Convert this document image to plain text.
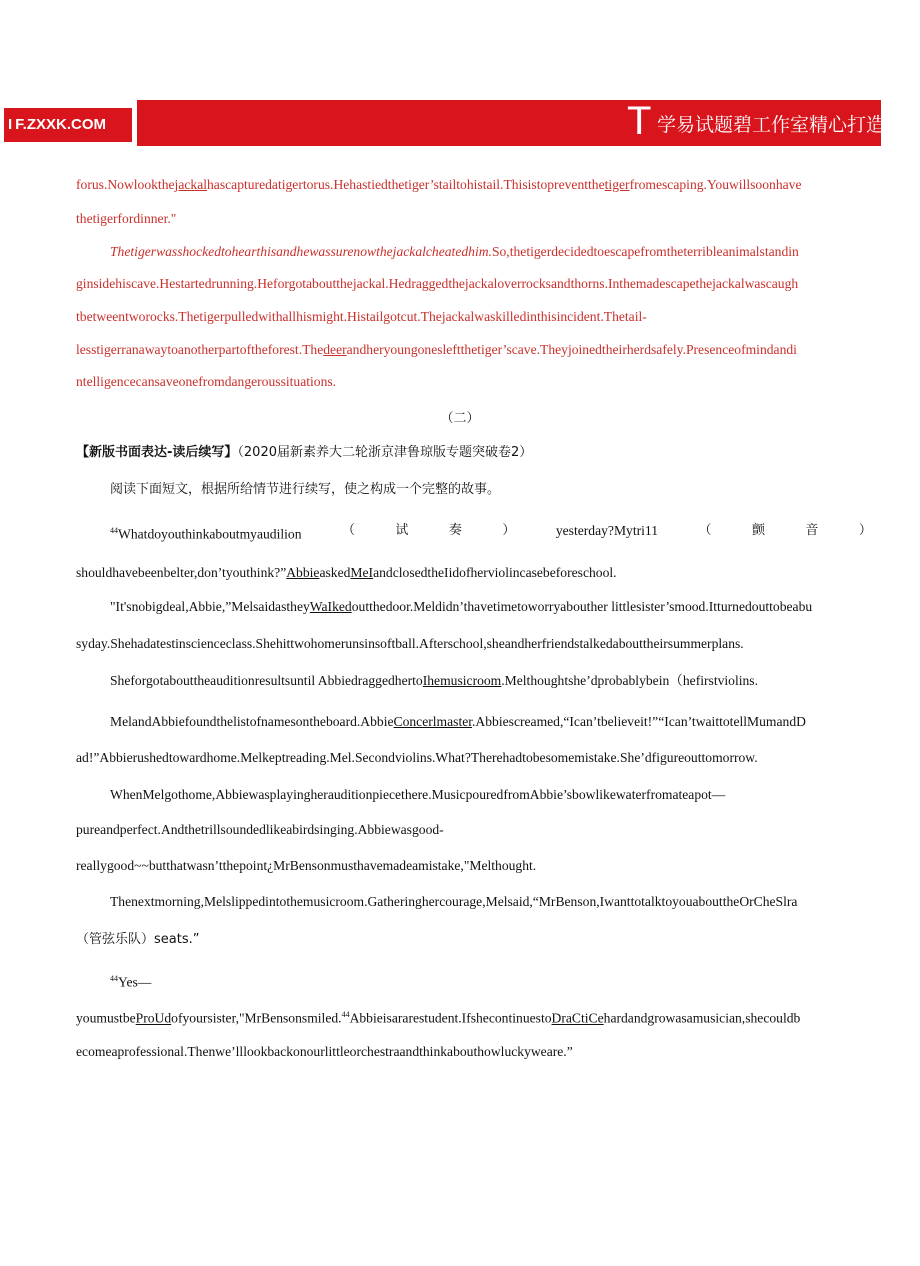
I F.ZXXK.COM	T 学易试题碧工作室精心打造,
forus.Nowlookthejackalhascapturedatigertorus.Hehastiedthetiger’stailtohistail.Thisistopreventthetigerfromescaping.Youwillsoonhave
thetigerfordinner."
Thetigerwasshockedtohearthisandhewassurenowthejackalcheatedhim.So,thetigerdecidedtoescapefromtheterribleanimalstandin
ginsidehiscave.Hestartedrunning.Heforgotaboutthejackal.Hedraggedthejackaloverrocksandthorns.Inthemadescapethejackalwascaugh
tbetweentworocks.Thetigerpulledwithallhismight.Histailgotcut.Thejackalwaskilledinthisincident.Thetail-
lesstigerranawaytoanotherpartoftheforest.Thedeerandheryoungonesleftthetiger’scave.Theyjoinedtheirherdsafely.Presenceofmindandi
ntelligencecansaveonefromdangeroussituations.
（二）
【新版书面表达-读后续写】（2020届新素养大二轮浙京津鲁琼版专题突破卷2）
阅读下面短文，根据所给情节进行续写，使之构成一个完整的故事。
$^{44}$Whatdoyouthinkaboutmyaudilion	（	试	奏	）	yesterday?Mytri11	（	颤	音	）
shouldhavebeenbelter,don’tyouthink?”AbbieaskedMeIandclosedtheIidofherviolincasebeforeschool.
"It'snobigdeal,Abbie,”MelsaidastheyWaIkedoutthedoor.Meldidn’thavetimetoworryabouther littlesister’smood.Itturnedouttobeabu
syday.Shehadatestinscienceclass.Shehittwohomerunsinsoftball.Afterschool,sheandherfriendstalkedabouttheirsummerplans.
Sheforgotabouttheauditionresultsuntil AbbiedraggedhertoIhemusicroom.Melthoughtshe’dprobablybein（hefirstviolins.
MelandAbbiefoundthelistofnamesontheboard.AbbieConcerlmaster.Abbiescreamed,“Ican’tbelieveit!”“Ican’twaittotellMumandD
ad!”Abbierushedtowardhome.Melkeptreading.Mel.Secondviolins.What?Therehadtobesomemistake.She’dfigureouttomorrow.
WhenMelgothome,Abbiewasplayingherauditionpiecethere.MusicpouredfromAbbie’sbowlikewaterfromateapot—
pureandperfect.Andthetrillsoundedlikeabirdsinging.Abbiewasgood-
reallygood~~butthatwasn’tthepoint¿MrBensonmusthavemadeamistake,"Melthought.
Thenextmorning,Melslippedintothemusicroom.Gatheringhercourage,Melsaid,“MrBenson,IwanttotalktoyouabouttheOrCheSlra
（管弦乐队）seats.”
$^{44}$Yes—
youmustbeProUdofyoursister,"MrBensonsmiled.$^{44}$Abbieisararestudent.IfshecontinuestoDraCtiCehardandgrowasamusician,shecouldb
ecomeaprofessional.Thenwe’lllookbackonourlittleorchestraandthinkabouthowluckyweare.”
